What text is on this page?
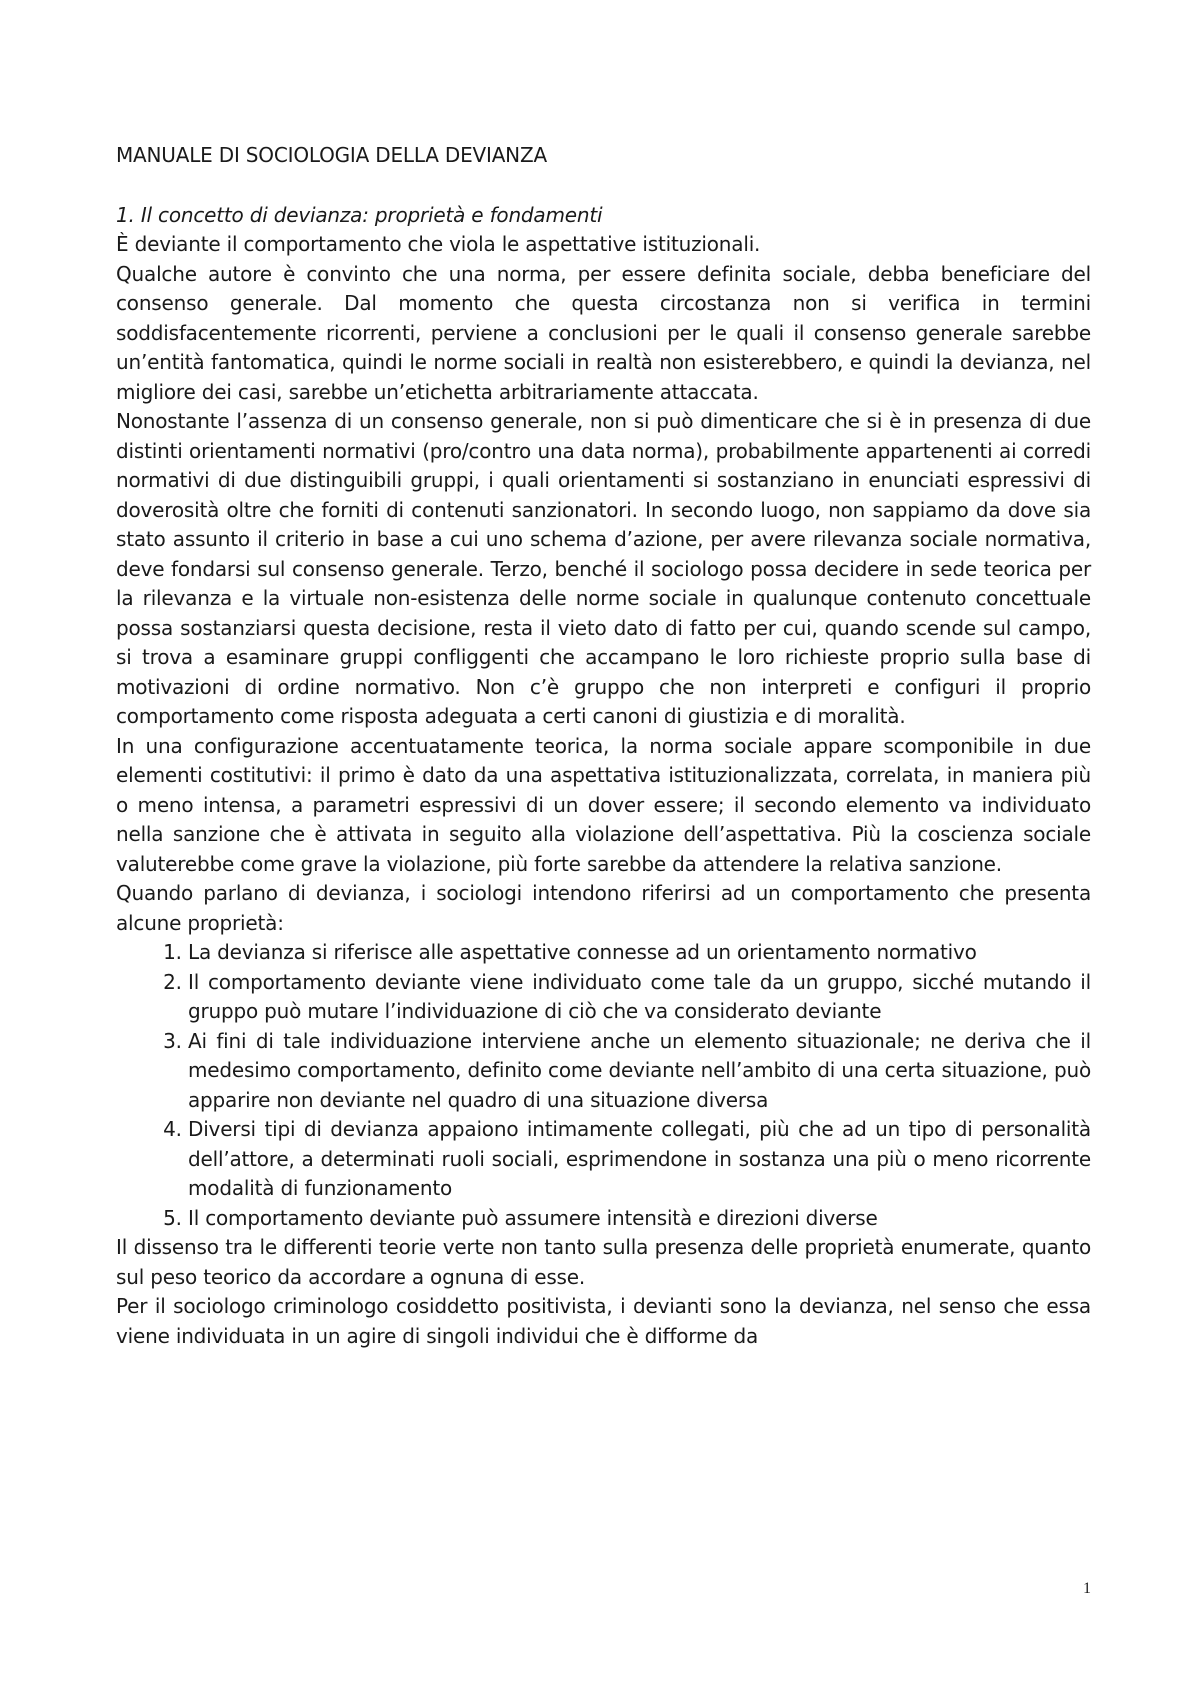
MANUALE DI SOCIOLOGIA DELLA DEVIANZA

1. Il concetto di devianza: proprietà e fondamenti

È deviante il comportamento che viola le aspettative istituzionali.

Qualche autore è convinto che una norma, per essere definita sociale, debba beneficiare del consenso generale. Dal momento che questa circostanza non si verifica in termini soddisfacentemente ricorrenti, perviene a conclusioni per le quali il consenso generale sarebbe un’entità fantomatica, quindi le norme sociali in realtà non esisterebbero, e quindi la devianza, nel migliore dei casi, sarebbe un’etichetta arbitrariamente attaccata.

Nonostante l’assenza di un consenso generale, non si può dimenticare che si è in presenza di due distinti orientamenti normativi (pro/contro una data norma), probabilmente appartenenti ai corredi normativi di due distinguibili gruppi, i quali orientamenti si sostanziano in enunciati espressivi di doverosità oltre che forniti di contenuti sanzionatori. In secondo luogo, non sappiamo da dove sia stato assunto il criterio in base a cui uno schema d’azione, per avere rilevanza sociale normativa, deve fondarsi sul consenso generale. Terzo, benché il sociologo possa decidere in sede teorica per la rilevanza e la virtuale non-esistenza delle norme sociale in qualunque contenuto concettuale possa sostanziarsi questa decisione, resta il vieto dato di fatto per cui, quando scende sul campo, si trova a esaminare gruppi confliggenti che accampano le loro richieste proprio sulla base di motivazioni di ordine normativo. Non c’è gruppo che non interpreti e configuri il proprio comportamento come risposta adeguata a certi canoni di giustizia e di moralità.

In una configurazione accentuatamente teorica, la norma sociale appare scomponibile in due elementi costitutivi: il primo è dato da una aspettativa istituzionalizzata, correlata, in maniera più o meno intensa, a parametri espressivi di un dover essere; il secondo elemento va individuato nella sanzione che è attivata in seguito alla violazione dell’aspettativa. Più la coscienza sociale valuterebbe come grave la violazione, più forte sarebbe da attendere la relativa sanzione.

Quando parlano di devianza, i sociologi intendono riferirsi ad un comportamento che presenta alcune proprietà:

1. La devianza si riferisce alle aspettative connesse ad un orientamento normativo
2. Il comportamento deviante viene individuato come tale da un gruppo, sicché mutando il gruppo può mutare l’individuazione di ciò che va considerato deviante
3. Ai fini di tale individuazione interviene anche un elemento situazionale; ne deriva che il medesimo comportamento, definito come deviante nell’ambito di una certa situazione, può apparire non deviante nel quadro di una situazione diversa
4. Diversi tipi di devianza appaiono intimamente collegati, più che ad un tipo di personalità dell’attore, a determinati ruoli sociali, esprimendone in sostanza una più o meno ricorrente modalità di funzionamento
5. Il comportamento deviante può assumere intensità e direzioni diverse

Il dissenso tra le differenti teorie verte non tanto sulla presenza delle proprietà enumerate, quanto sul peso teorico da accordare a ognuna di esse.

Per il sociologo criminologo cosiddetto positivista, i devianti sono la devianza, nel senso che essa viene individuata in un agire di singoli individui che è difforme da

1
